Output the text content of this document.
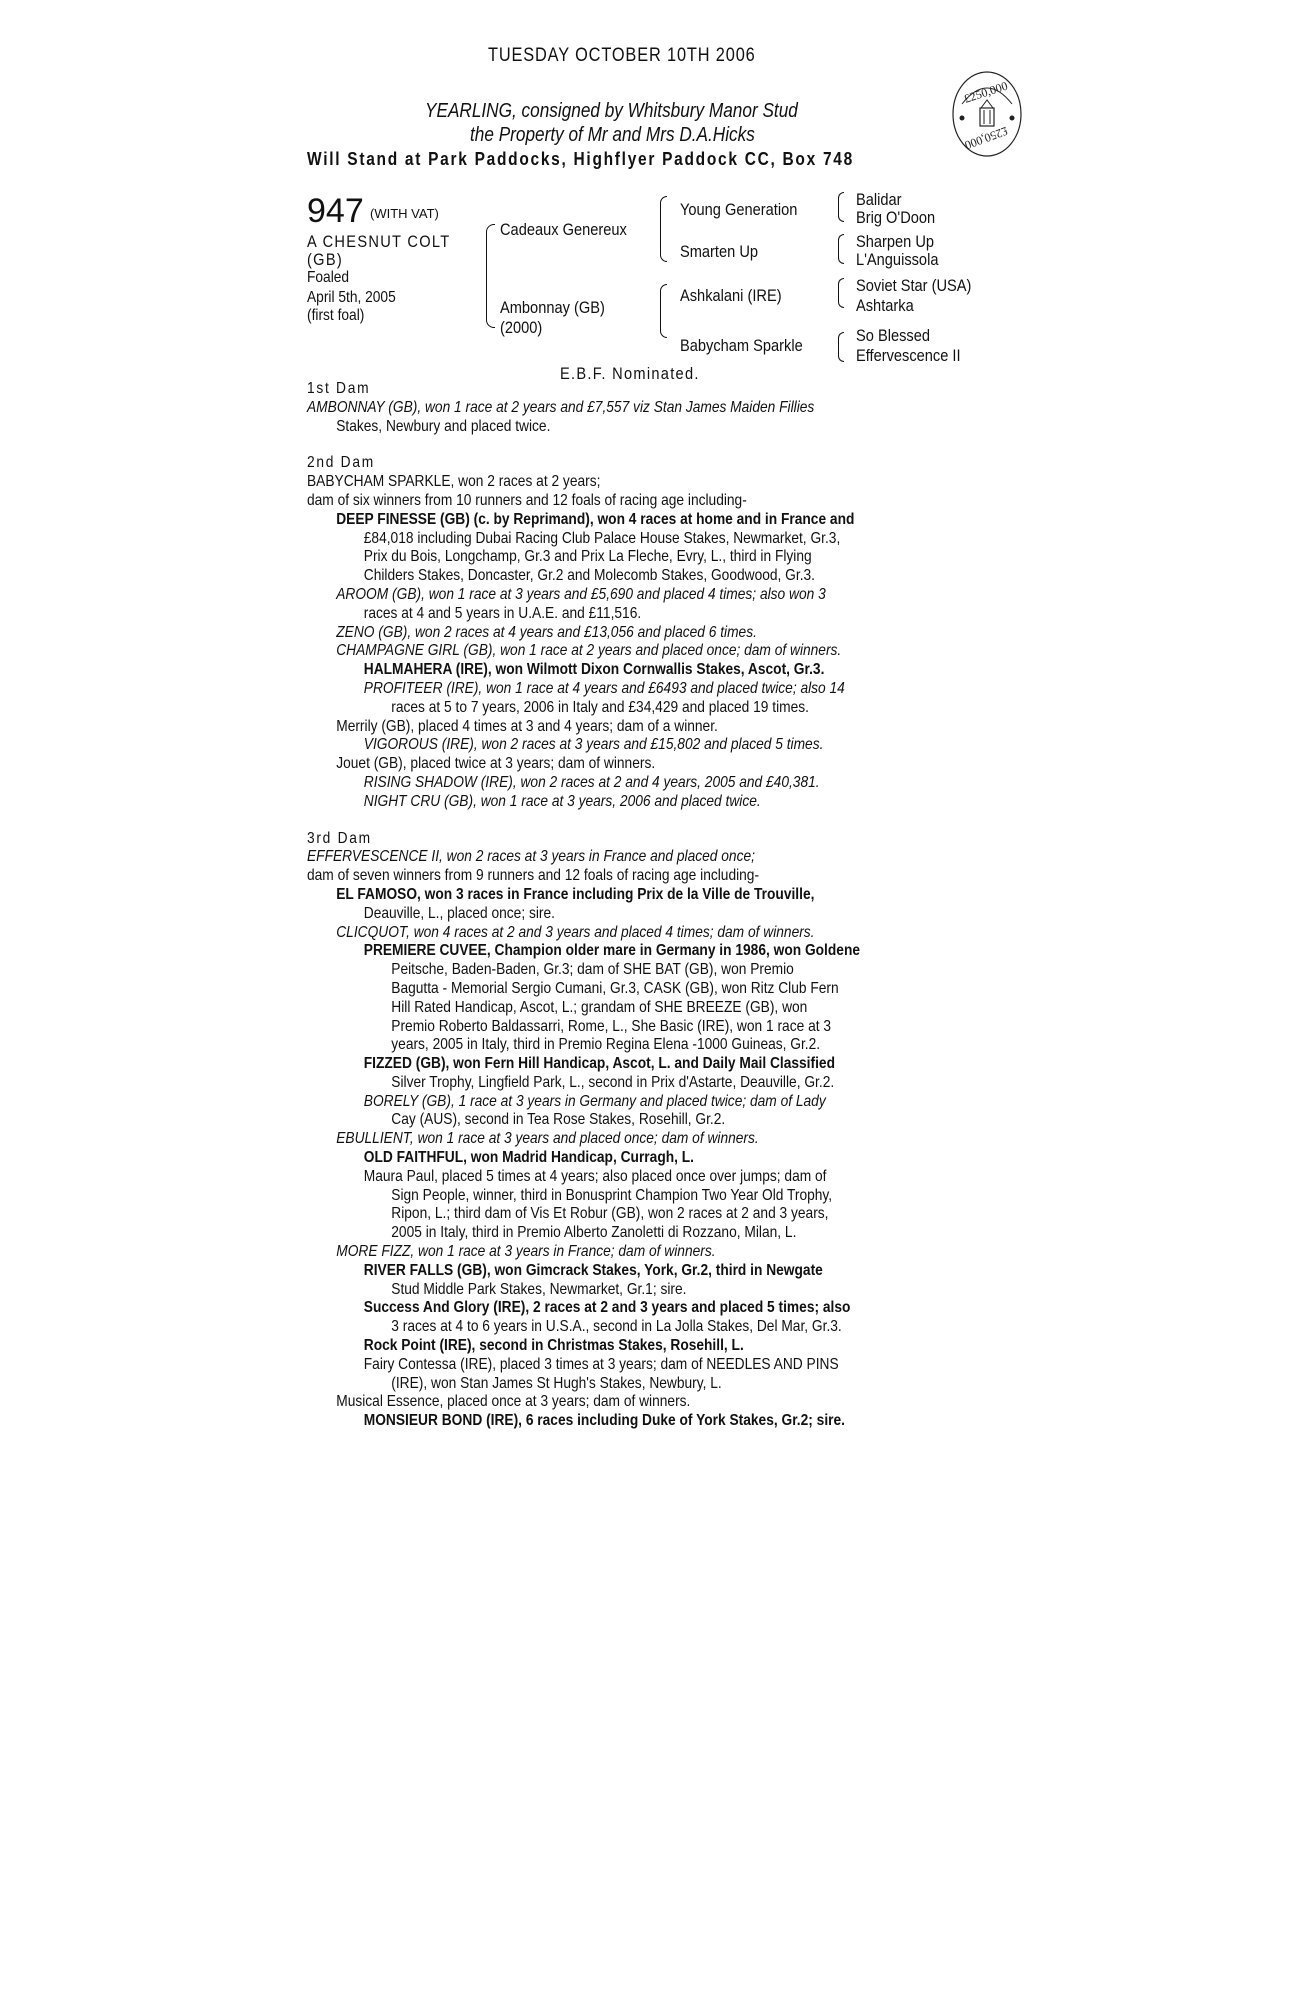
TUESDAY OCTOBER 10TH 2006
YEARLING, consigned by Whitsbury Manor Stud
the Property of Mr and Mrs D.A.Hicks
Will Stand at Park Paddocks, Highflyer Paddock CC, Box 748
£250,000
£250,000
947 (WITH VAT)
A CHESNUT COLT
(GB)
Foaled
April 5th, 2005
(first foal)
Cadeaux Genereux
Ambonnay (GB)
(2000)
Young Generation
Smarten Up
Ashkalani (IRE)
Babycham Sparkle
Balidar
Brig O'Doon
Sharpen Up
L'Anguissola
Soviet Star (USA)
Ashtarka
So Blessed
Effervescence II
E.B.F. Nominated.
1st Dam
AMBONNAY (GB), won 1 race at 2 years and £7,557 viz Stan James Maiden Fillies
Stakes, Newbury and placed twice.
2nd Dam
BABYCHAM SPARKLE, won 2 races at 2 years;
dam of six winners from 10 runners and 12 foals of racing age including-
DEEP FINESSE (GB) (c. by Reprimand), won 4 races at home and in France and
£84,018 including Dubai Racing Club Palace House Stakes, Newmarket, Gr.3,
Prix du Bois, Longchamp, Gr.3 and Prix La Fleche, Evry, L., third in Flying
Childers Stakes, Doncaster, Gr.2 and Molecomb Stakes, Goodwood, Gr.3.
AROOM (GB), won 1 race at 3 years and £5,690 and placed 4 times; also won 3
races at 4 and 5 years in U.A.E. and £11,516.
ZENO (GB), won 2 races at 4 years and £13,056 and placed 6 times.
CHAMPAGNE GIRL (GB), won 1 race at 2 years and placed once; dam of winners.
HALMAHERA (IRE), won Wilmott Dixon Cornwallis Stakes, Ascot, Gr.3.
PROFITEER (IRE), won 1 race at 4 years and £6493 and placed twice; also 14
races at 5 to 7 years, 2006 in Italy and £34,429 and placed 19 times.
Merrily (GB), placed 4 times at 3 and 4 years; dam of a winner.
VIGOROUS (IRE), won 2 races at 3 years and £15,802 and placed 5 times.
Jouet (GB), placed twice at 3 years; dam of winners.
RISING SHADOW (IRE), won 2 races at 2 and 4 years, 2005 and £40,381.
NIGHT CRU (GB), won 1 race at 3 years, 2006 and placed twice.
3rd Dam
EFFERVESCENCE II, won 2 races at 3 years in France and placed once;
dam of seven winners from 9 runners and 12 foals of racing age including-
EL FAMOSO, won 3 races in France including Prix de la Ville de Trouville,
Deauville, L., placed once; sire.
CLICQUOT, won 4 races at 2 and 3 years and placed 4 times; dam of winners.
PREMIERE CUVEE, Champion older mare in Germany in 1986, won Goldene
Peitsche, Baden-Baden, Gr.3; dam of SHE BAT (GB), won Premio
Bagutta - Memorial Sergio Cumani, Gr.3, CASK (GB), won Ritz Club Fern
Hill Rated Handicap, Ascot, L.; grandam of SHE BREEZE (GB), won
Premio Roberto Baldassarri, Rome, L., She Basic (IRE), won 1 race at 3
years, 2005 in Italy, third in Premio Regina Elena -1000 Guineas, Gr.2.
FIZZED (GB), won Fern Hill Handicap, Ascot, L. and Daily Mail Classified
Silver Trophy, Lingfield Park, L., second in Prix d'Astarte, Deauville, Gr.2.
BORELY (GB), 1 race at 3 years in Germany and placed twice; dam of Lady
Cay (AUS), second in Tea Rose Stakes, Rosehill, Gr.2.
EBULLIENT, won 1 race at 3 years and placed once; dam of winners.
OLD FAITHFUL, won Madrid Handicap, Curragh, L.
Maura Paul, placed 5 times at 4 years; also placed once over jumps; dam of
Sign People, winner, third in Bonusprint Champion Two Year Old Trophy,
Ripon, L.; third dam of Vis Et Robur (GB), won 2 races at 2 and 3 years,
2005 in Italy, third in Premio Alberto Zanoletti di Rozzano, Milan, L.
MORE FIZZ, won 1 race at 3 years in France; dam of winners.
RIVER FALLS (GB), won Gimcrack Stakes, York, Gr.2, third in Newgate
Stud Middle Park Stakes, Newmarket, Gr.1; sire.
Success And Glory (IRE), 2 races at 2 and 3 years and placed 5 times; also
3 races at 4 to 6 years in U.S.A., second in La Jolla Stakes, Del Mar, Gr.3.
Rock Point (IRE), second in Christmas Stakes, Rosehill, L.
Fairy Contessa (IRE), placed 3 times at 3 years; dam of NEEDLES AND PINS
(IRE), won Stan James St Hugh's Stakes, Newbury, L.
Musical Essence, placed once at 3 years; dam of winners.
MONSIEUR BOND (IRE), 6 races including Duke of York Stakes, Gr.2; sire.
